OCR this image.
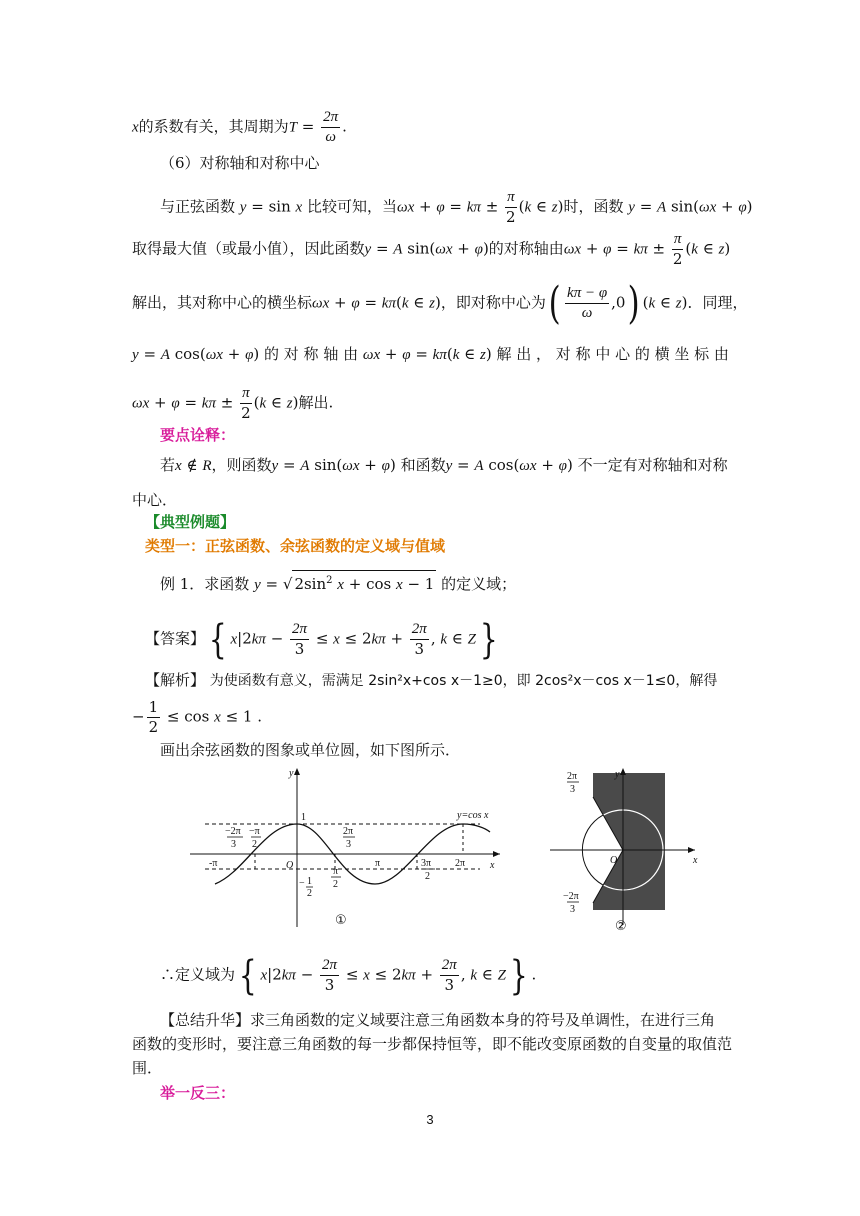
x的系数有关，其周期为$T = \frac{2\pi}{\omega}$ .
（6）对称轴和对称中心
与正弦函数 y = sin x 比较可知，当$\omega x + \varphi = k\pi \pm \frac{\pi}{2} (k$ ∈ z)时，函数 y = A sin(ωx + φ)
取得最大值（或最小值），因此函数y = A sin(ωx + φ)的对称轴由$\omega x + \varphi = k\pi \pm \frac{\pi}{2} (k$ ∈ z)
解出，其对称中心的横坐标ωx + φ = kπ(k ∈ z)，即对称中心为( $\frac{k\pi - \varphi}{\omega} ,0$) (k ∈ z)．同理，
y = A cos(ωx + φ) 的 对 称 轴 由 ωx + φ = kπ(k ∈ z) 解 出 ， 对 称 中 心 的 横 坐 标 由
$\omega x + \varphi = k\pi \pm \frac{\pi}{2} (k$ ∈ z)解出.
要点诠释：
若x ∉ R，则函数y = A sin(ωx + φ) 和函数y = A cos(ωx + φ) 不一定有对称轴和对称
中心．
【典型例题】
类型一：正弦函数、余弦函数的定义域与值域
例 1．求函数 y = √ $2\sin^2$ x + cos x − 1 的定义域；
【答案】{ $x|2k\pi - \frac{2\pi}{3} \le x \le 2k\pi + \frac{2\pi}{3}$ , k ∈ Z}
【解析】 为使函数有意义，需满足 2sin²x+cos x－1≥0，即 2cos²x－cos x－1≤0，解得
− $\frac{1}{2} \le \cos x \le 1$ .
画出余弦函数的图象或单位圆，如下图所示．
y
x
1
O
y=cos x
-π	π	2π
− 1
2
−2π
3
−π
2
2π
3
π
2
3π
2
①
y
x
O
2π
3
−2π
3
②
∴定义域为{ $x|2k\pi - \frac{2\pi}{3} \le x \le 2k\pi + \frac{2\pi}{3}$ , k ∈ Z} .
【总结升华】求三角函数的定义域要注意三角函数本身的符号及单调性，在进行三角
函数的变形时，要注意三角函数的每一步都保持恒等，即不能改变原函数的自变量的取值范
围．
举一反三：
3
